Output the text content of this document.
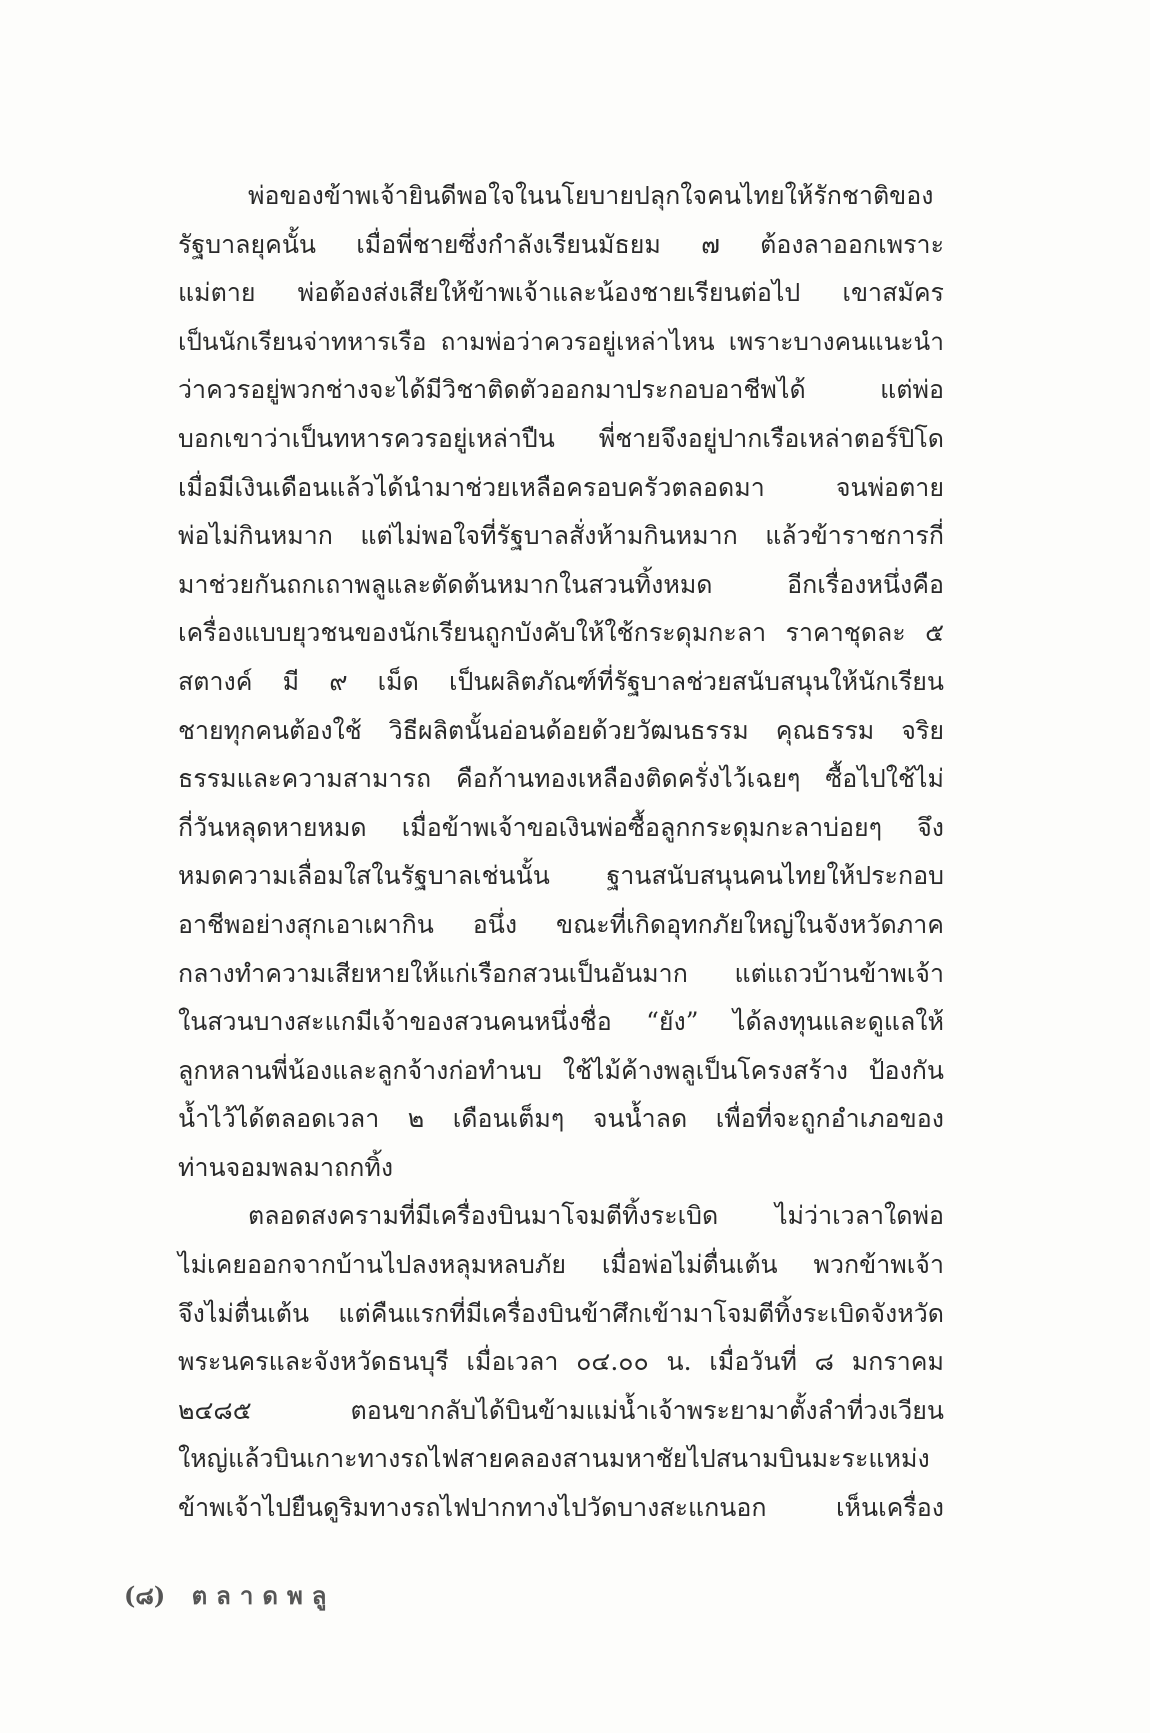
พ่อของข้าพเจ้ายินดีพอใจในนโยบายปลุกใจคนไทยให้รักชาติของ
รัฐบาลยุคนั้น เมื่อพี่ชายซึ่งกำลังเรียนมัธยม ๗ ต้องลาออกเพราะ
แม่ตาย พ่อต้องส่งเสียให้ข้าพเจ้าและน้องชายเรียนต่อไป เขาสมัคร
เป็นนักเรียนจ่าทหารเรือ ถามพ่อว่าควรอยู่เหล่าไหน เพราะบางคนแนะนำ
ว่าควรอยู่พวกช่างจะได้มีวิชาติดตัวออกมาประกอบอาชีพได้ แต่พ่อ
บอกเขาว่าเป็นทหารควรอยู่เหล่าปืน พี่ชายจึงอยู่ปากเรือเหล่าตอร์ปิโด
เมื่อมีเงินเดือนแล้วได้นำมาช่วยเหลือครอบครัวตลอดมา จนพ่อตาย
พ่อไม่กินหมาก แต่ไม่พอใจที่รัฐบาลสั่งห้ามกินหมาก แล้วข้าราชการกี่
มาช่วยกันถกเถาพลูและตัดต้นหมากในสวนทิ้งหมด อีกเรื่องหนึ่งคือ
เครื่องแบบยุวชนของนักเรียนถูกบังคับให้ใช้กระดุมกะลา ราคาชุดละ ๕
สตางค์ มี ๙ เม็ด เป็นผลิตภัณฑ์ที่รัฐบาลช่วยสนับสนุนให้นักเรียน
ชายทุกคนต้องใช้ วิธีผลิตนั้นอ่อนด้อยด้วยวัฒนธรรม คุณธรรม จริย
ธรรมและความสามารถ คือก้านทองเหลืองติดครั่งไว้เฉยๆ ซื้อไปใช้ไม่
กี่วันหลุดหายหมด เมื่อข้าพเจ้าขอเงินพ่อซื้อลูกกระดุมกะลาบ่อยๆ จึง
หมดความเลื่อมใสในรัฐบาลเช่นนั้น ฐานสนับสนุนคนไทยให้ประกอบ
อาชีพอย่างสุกเอาเผากิน อนึ่ง ขณะที่เกิดอุทกภัยใหญ่ในจังหวัดภาค
กลางทำความเสียหายให้แก่เรือกสวนเป็นอันมาก แต่แถวบ้านข้าพเจ้า
ในสวนบางสะแกมีเจ้าของสวนคนหนึ่งชื่อ “ยัง” ได้ลงทุนและดูแลให้
ลูกหลานพี่น้องและลูกจ้างก่อทำนบ ใช้ไม้ค้างพลูเป็นโครงสร้าง ป้องกัน
น้ำไว้ได้ตลอดเวลา ๒ เดือนเต็มๆ จนน้ำลด เพื่อที่จะถูกอำเภอของ
ท่านจอมพลมาถกทิ้ง
ตลอดสงครามที่มีเครื่องบินมาโจมตีทิ้งระเบิด ไม่ว่าเวลาใดพ่อ
ไม่เคยออกจากบ้านไปลงหลุมหลบภัย เมื่อพ่อไม่ตื่นเต้น พวกข้าพเจ้า
จึงไม่ตื่นเต้น แต่คืนแรกที่มีเครื่องบินข้าศึกเข้ามาโจมตีทิ้งระเบิดจังหวัด
พระนครและจังหวัดธนบุรี เมื่อเวลา ๐๔.๐๐ น. เมื่อวันที่ ๘ มกราคม
๒๔๘๕ ตอนขากลับได้บินข้ามแม่น้ำเจ้าพระยามาตั้งลำที่วงเวียน
ใหญ่แล้วบินเกาะทางรถไฟสายคลองสานมหาชัยไปสนามบินมะระแหม่ง
ข้าพเจ้าไปยืนดูริมทางรถไฟปากทางไปวัดบางสะแกนอก เห็นเครื่อง
(๘) ตลาดพลู
